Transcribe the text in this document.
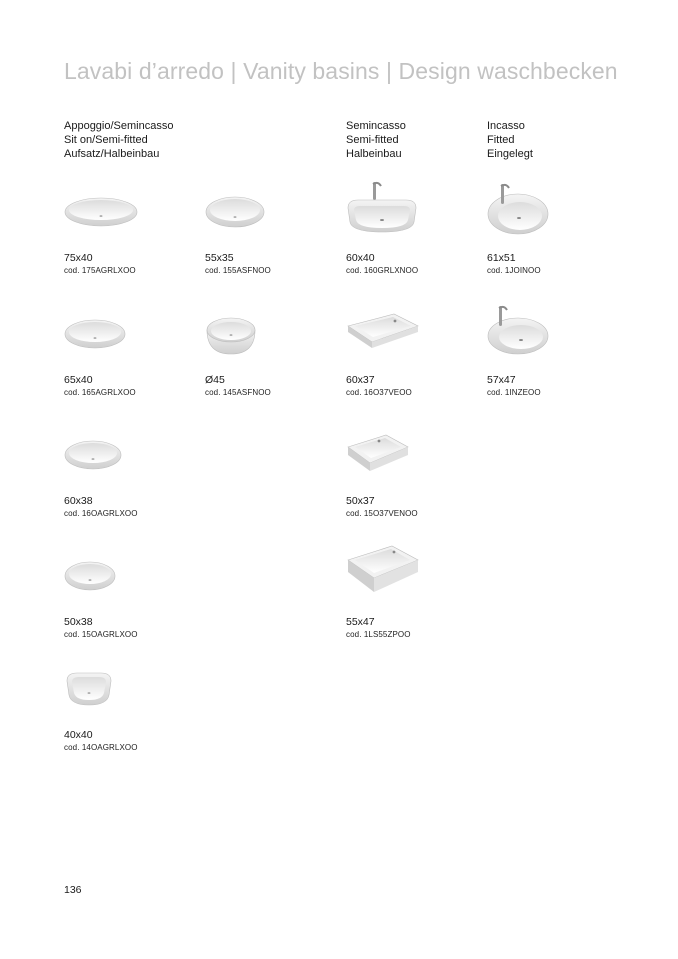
Lavabi d’arredo | Vanity basins | Design waschbecken
Appoggio/Semincasso
Sit on/Semi-fitted
Aufsatz/Halbeinbau
Semincasso
Semi-fitted
Halbeinbau
Incasso
Fitted
Eingelegt
75x40
cod. 175AGRLXOO
55x35
cod. 155ASFNOO
60x40
cod. 160GRLXNOO
61x51
cod. 1JOINOO
65x40
cod. 165AGRLXOO
Ø45
cod. 145ASFNOO
60x37
cod. 16O37VEOO
57x47
cod. 1INZEOO
60x38
cod. 16OAGRLXOO
50x37
cod. 15O37VENOO
50x38
cod. 15OAGRLXOO
55x47
cod. 1LS55ZPOO
40x40
cod. 14OAGRLXOO
136
